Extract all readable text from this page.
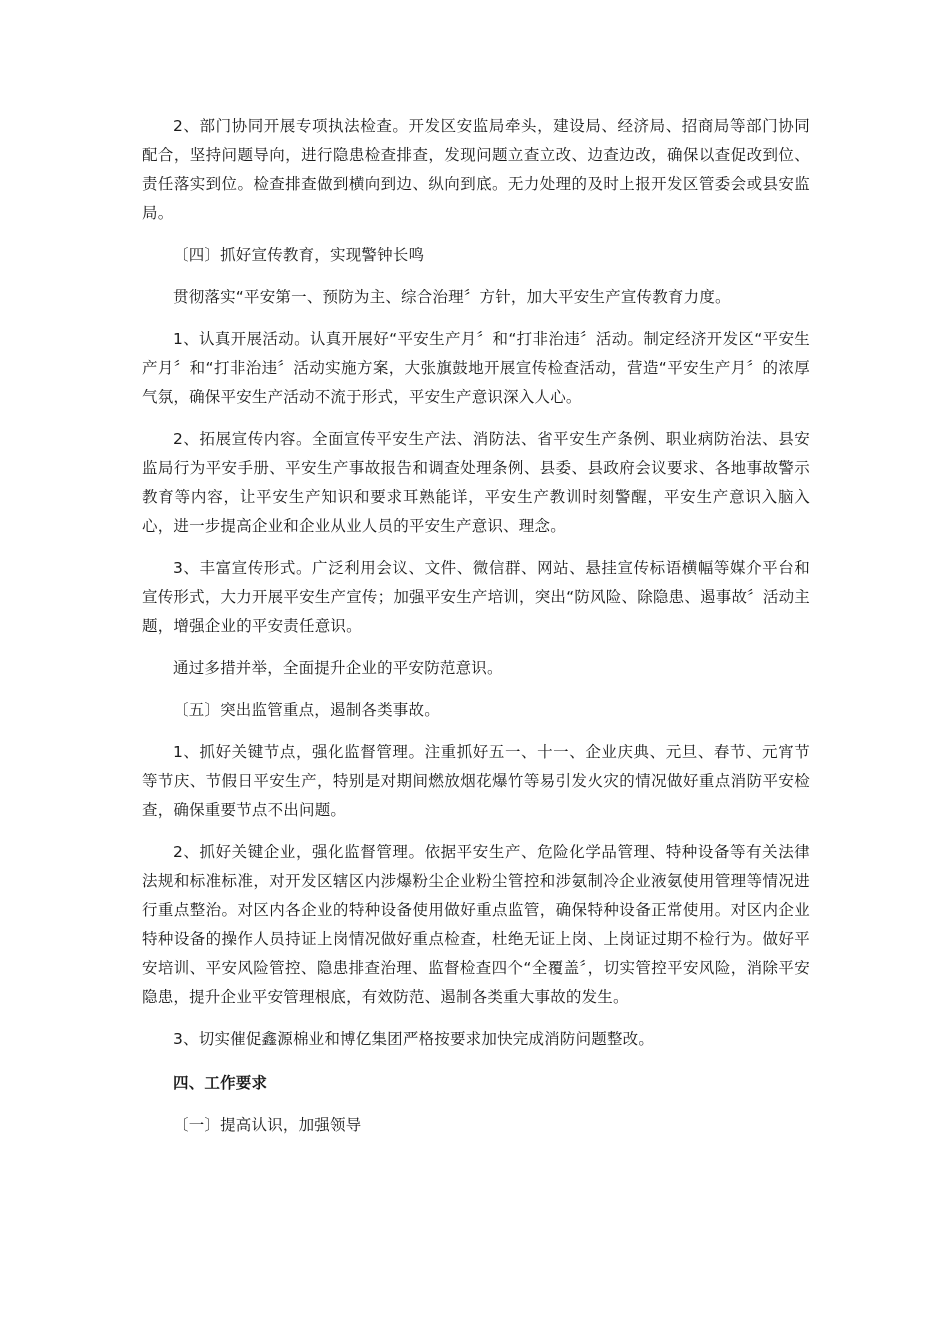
2、部门协同开展专项执法检查。开发区安监局牵头，建设局、经济局、招商局等部门协同配合，坚持问题导向，进行隐患检查排查，发现问题立查立改、边查边改，确保以查促改到位、责任落实到位。检查排查做到横向到边、纵向到底。无力处理的及时上报开发区管委会或县安监局。

〔四〕抓好宣传教育，实现警钟长鸣

贯彻落实“平安第一、预防为主、综合治理〞方针，加大平安生产宣传教育力度。

1、认真开展活动。认真开展好“平安生产月〞和“打非治违〞活动。制定经济开发区“平安生产月〞和“打非治违〞活动实施方案，大张旗鼓地开展宣传检查活动，营造“平安生产月〞的浓厚气氛，确保平安生产活动不流于形式，平安生产意识深入人心。

2、拓展宣传内容。全面宣传平安生产法、消防法、省平安生产条例、职业病防治法、县安监局行为平安手册、平安生产事故报告和调查处理条例、县委、县政府会议要求、各地事故警示教育等内容，让平安生产知识和要求耳熟能详，平安生产教训时刻警醒，平安生产意识入脑入心，进一步提高企业和企业从业人员的平安生产意识、理念。

3、丰富宣传形式。广泛利用会议、文件、微信群、网站、悬挂宣传标语横幅等媒介平台和宣传形式，大力开展平安生产宣传；加强平安生产培训，突出“防风险、除隐患、遏事故〞活动主题，增强企业的平安责任意识。

通过多措并举，全面提升企业的平安防范意识。

〔五〕突出监管重点，遏制各类事故。

1、抓好关键节点，强化监督管理。注重抓好五一、十一、企业庆典、元旦、春节、元宵节等节庆、节假日平安生产，特别是对期间燃放烟花爆竹等易引发火灾的情况做好重点消防平安检查，确保重要节点不出问题。

2、抓好关键企业，强化监督管理。依据平安生产、危险化学品管理、特种设备等有关法律法规和标准标准，对开发区辖区内涉爆粉尘企业粉尘管控和涉氨制冷企业液氨使用管理等情况进行重点整治。对区内各企业的特种设备使用做好重点监管，确保特种设备正常使用。对区内企业特种设备的操作人员持证上岗情况做好重点检查，杜绝无证上岗、上岗证过期不检行为。做好平安培训、平安风险管控、隐患排查治理、监督检查四个“全覆盖〞，切实管控平安风险，消除平安隐患，提升企业平安管理根底，有效防范、遏制各类重大事故的发生。

3、切实催促鑫源棉业和博亿集团严格按要求加快完成消防问题整改。

四、工作要求

〔一〕提高认识，加强领导
